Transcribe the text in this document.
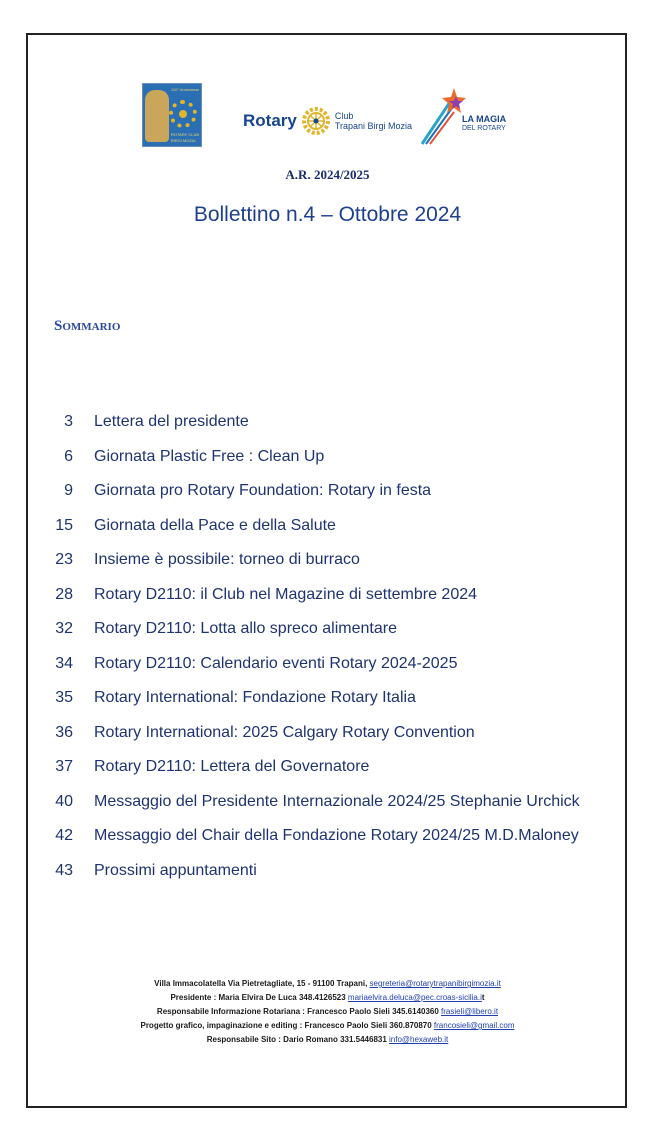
110° Anniversar
ROTARY CLUB
BIRGI MOZIA
Rotary	Club
Trapani Birgi Mozia
LA MAGIA
DEL ROTARY
A.R. 2024/2025
Bollettino n.4 – Ottobre 2024
Sommario
3 Lettera del presidente
6 Giornata Plastic Free : Clean Up
9 Giornata pro Rotary Foundation: Rotary in festa
15 Giornata della Pace e della Salute
23 Insieme è possibile: torneo di burraco
28 Rotary D2110: il Club nel Magazine di settembre 2024
32 Rotary D2110: Lotta allo spreco alimentare
34 Rotary D2110: Calendario eventi Rotary 2024-2025
35 Rotary International: Fondazione Rotary Italia
36 Rotary International: 2025 Calgary Rotary Convention
37 Rotary D2110: Lettera del Governatore
40 Messaggio del Presidente Internazionale 2024/25 Stephanie Urchick
42 Messaggio del Chair della Fondazione Rotary 2024/25 M.D.Maloney
43 Prossimi appuntamenti
Villa Immacolatella Via Pietretagliate, 15 - 91100 Trapani, segreteria@rotarytrapanibirgimozia.it
Presidente : Maria Elvira De Luca 348.4126523 mariaelvira.deluca@pec.croas-sicilia.it
Responsabile Informazione Rotariana : Francesco Paolo Sieli 345.6140360 frasieli@libero.it
Progetto grafico, impaginazione e editing : Francesco Paolo Sieli 360.870870 francosieli@gmail.com
Responsabile Sito : Dario Romano 331.5446831 info@hexaweb.it
